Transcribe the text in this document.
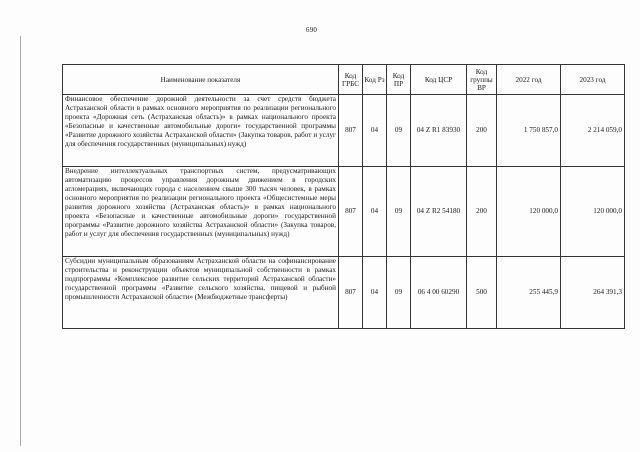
690
Наименование показателя	Код ГРБС	Код Рз	Код ПР	Код ЦСР	Код группы ВР	2022 год	2023 год
Финансовое обеспечение дорожной деятельности за счет средств бюджета Астраханской области в рамках основного мероприятия по реализации регионального проекта «Дорожная сеть (Астраханская область)» в рамках национального проекта «Безопасные и качественные автомобильные дороги» государственной программы «Развитие дорожного хозяйства Астраханской области» (Закупка товаров, работ и услуг для обеспечения государственных (муниципальных) нужд)	807	04	09	04 Z R1 83930	200	1 750 857,0	2 214 059,0
Внедрение интеллектуальных транспортных систем, предусматривающих автоматизацию процессов управления дорожным движением в городских агломерациях, включающих города с населением свыше 300 тысяч человек, в рамках основного мероприятия по реализации регионального проекта «Общесистемные меры развития дорожного хозяйства (Астраханская область)» в рамках национального проекта «Безопасные и качественные автомобильные дороги» государственной программы «Развитие дорожного хозяйства Астраханской области» (Закупка товаров, работ и услуг для обеспечения государственных (муниципальных) нужд)	807	04	09	04 Z R2 54180	200	120 000,0	120 000,0
Субсидии муниципальным образованиям Астраханской области на софинансирование строительства и реконструкции объектов муниципальной собственности в рамках подпрограммы «Комплексное развитие сельских территорий Астраханской области» государственной программы «Развитие сельского хозяйства, пищевой и рыбной промышленности Астраханской области» (Межбюджетные трансферты)	807	04	09	06 4 00 60290	500	255 445,9	264 391,3
